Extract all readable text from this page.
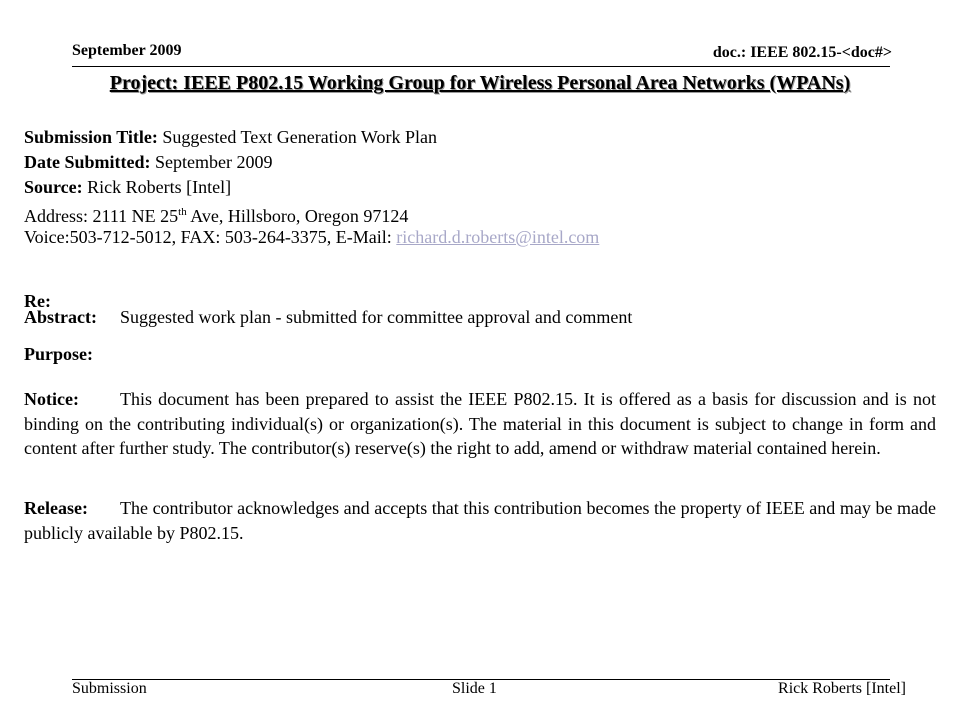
September 2009	doc.: IEEE 802.15-<doc#>
Project: IEEE P802.15 Working Group for Wireless Personal Area Networks (WPANs)
Submission Title: Suggested Text Generation Work Plan
Date Submitted: September 2009
Source: Rick Roberts [Intel]
Address: 2111 NE 25th Ave, Hillsboro, Oregon 97124
Voice:503-712-5012, FAX: 503-264-3375, E-Mail: richard.d.roberts@intel.com
Re:
Abstract: Suggested work plan - submitted for committee approval and comment
Purpose:
Notice: This document has been prepared to assist the IEEE P802.15. It is offered as a basis for discussion and is not binding on the contributing individual(s) or organization(s). The material in this document is subject to change in form and content after further study. The contributor(s) reserve(s) the right to add, amend or withdraw material contained herein.
Release: The contributor acknowledges and accepts that this contribution becomes the property of IEEE and may be made publicly available by P802.15.
Submission	Slide 1	Rick Roberts [Intel]
